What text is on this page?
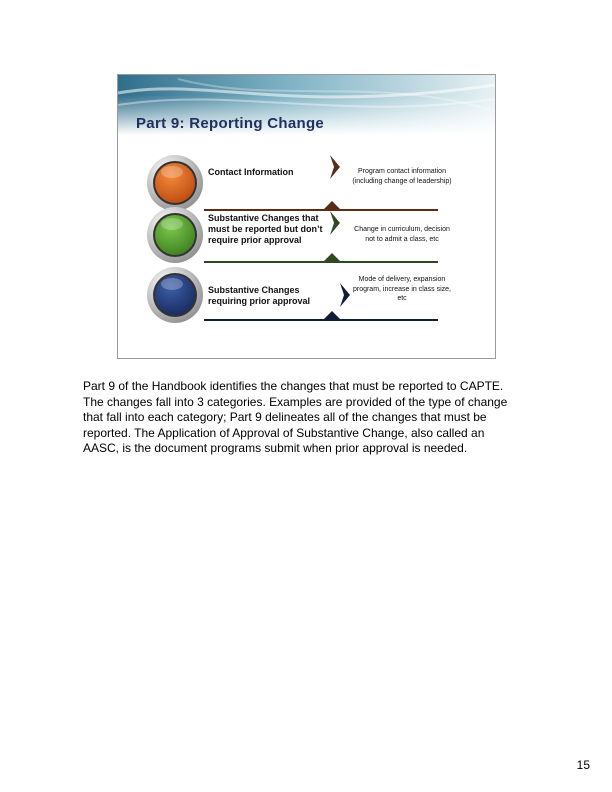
Part 9: Reporting Change
Contact Information	Program contact information (including change of leadership)
Substantive Changes that must be reported but don’t require prior approval
Change in curriculum, decision not to admit a class, etc
Substantive Changes requiring prior approval
Mode of delivery, expansion program, increase in class size, etc

Part 9 of the Handbook identifies the changes that must be reported to CAPTE. The changes fall into 3 categories. Examples are provided of the type of change that fall into each category; Part 9 delineates all of the changes that must be reported. The Application of Approval of Substantive Change, also called an AASC, is the document programs submit when prior approval is needed.

15
